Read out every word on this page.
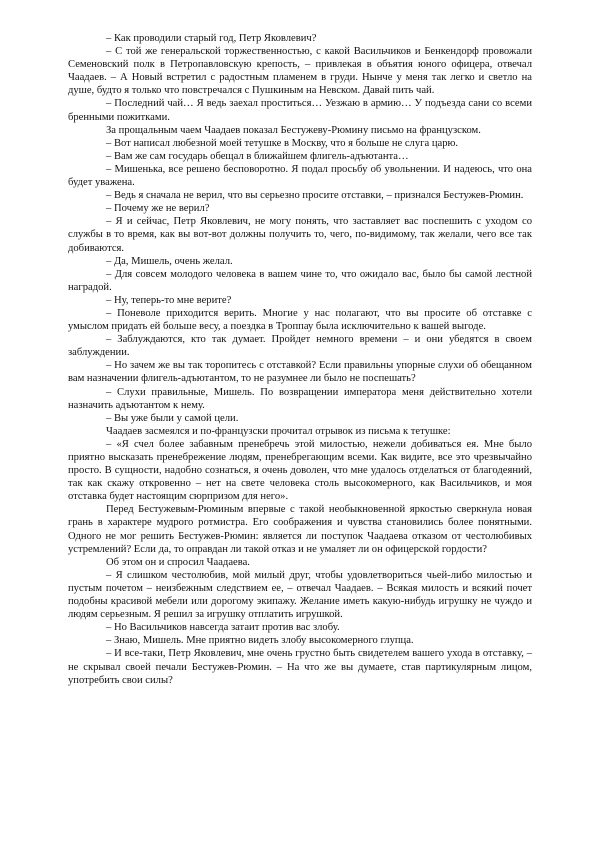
– Как проводили старый год, Петр Яковлевич?

– С той же генеральской торжественностью, с какой Васильчиков и Бенкендорф провожали Семеновский полк в Петропавловскую крепость, – привлекая в объятия юного офицера, отвечал Чаадаев. – А Новый встретил с радостным пламенем в груди. Нынче у меня так легко и светло на душе, будто я только что повстречался с Пушкиным на Невском. Давай пить чай.

– Последний чай… Я ведь заехал проститься… Уезжаю в армию… У подъезда сани со всеми бренными пожитками.

За прощальным чаем Чаадаев показал Бестужеву-Рюмину письмо на французском.

– Вот написал любезной моей тетушке в Москву, что я больше не слуга царю.

– Вам же сам государь обещал в ближайшем флигель-адъютанта…

– Мишенька, все решено бесповоротно. Я подал просьбу об увольнении. И надеюсь, что она будет уважена.

– Ведь я сначала не верил, что вы серьезно просите отставки, – признался Бестужев-Рюмин.

– Почему же не верил?

– Я и сейчас, Петр Яковлевич, не могу понять, что заставляет вас поспешить с уходом со службы в то время, как вы вот-вот должны получить то, чего, по-видимому, так желали, чего все так добиваются.

– Да, Мишель, очень желал.

– Для совсем молодого человека в вашем чине то, что ожидало вас, было бы самой лестной наградой.

– Ну, теперь-то мне верите?

– Поневоле приходится верить. Многие у нас полагают, что вы просите об отставке с умыслом придать ей больше весу, а поездка в Троппау была исключительно к вашей выгоде.

– Заблуждаются, кто так думает. Пройдет немного времени – и они убедятся в своем заблуждении.

– Но зачем же вы так торопитесь с отставкой? Если правильны упорные слухи об обещанном вам назначении флигель-адъютантом, то не разумнее ли было не поспешать?

– Слухи правильные, Мишель. По возвращении императора меня действительно хотели назначить адъютантом к нему.

– Вы уже были у самой цели.

Чаадаев засмеялся и по-французски прочитал отрывок из письма к тетушке:

– «Я счел более забавным пренебречь этой милостью, нежели добиваться ея. Мне было приятно высказать пренебрежение людям, пренебрегающим всеми. Как видите, все это чрезвычайно просто. В сущности, надобно сознаться, я очень доволен, что мне удалось отделаться от благодеяний, так как скажу откровенно – нет на свете человека столь высокомерного, как Васильчиков, и моя отставка будет настоящим сюрпризом для него».

Перед Бестужевым-Рюминым впервые с такой необыкновенной яркостью сверкнула новая грань в характере мудрого ротмистра. Его соображения и чувства становились более понятными. Одного не мог решить Бестужев-Рюмин: является ли поступок Чаадаева отказом от честолюбивых устремлений? Если да, то оправдан ли такой отказ и не умаляет ли он офицерской гордости?

Об этом он и спросил Чаадаева.

– Я слишком честолюбив, мой милый друг, чтобы удовлетвориться чьей-либо милостью и пустым почетом – неизбежным следствием ее, – отвечал Чаадаев. – Всякая милость и всякий почет подобны красивой мебели или дорогому экипажу. Желание иметь какую-нибудь игрушку не чуждо и людям серьезным. Я решил за игрушку отплатить игрушкой.

– Но Васильчиков навсегда затаит против вас злобу.

– Знаю, Мишель. Мне приятно видеть злобу высокомерного глупца.

– И все-таки, Петр Яковлевич, мне очень грустно быть свидетелем вашего ухода в отставку, – не скрывал своей печали Бестужев-Рюмин. – На что же вы думаете, став партикулярным лицом, употребить свои силы?
